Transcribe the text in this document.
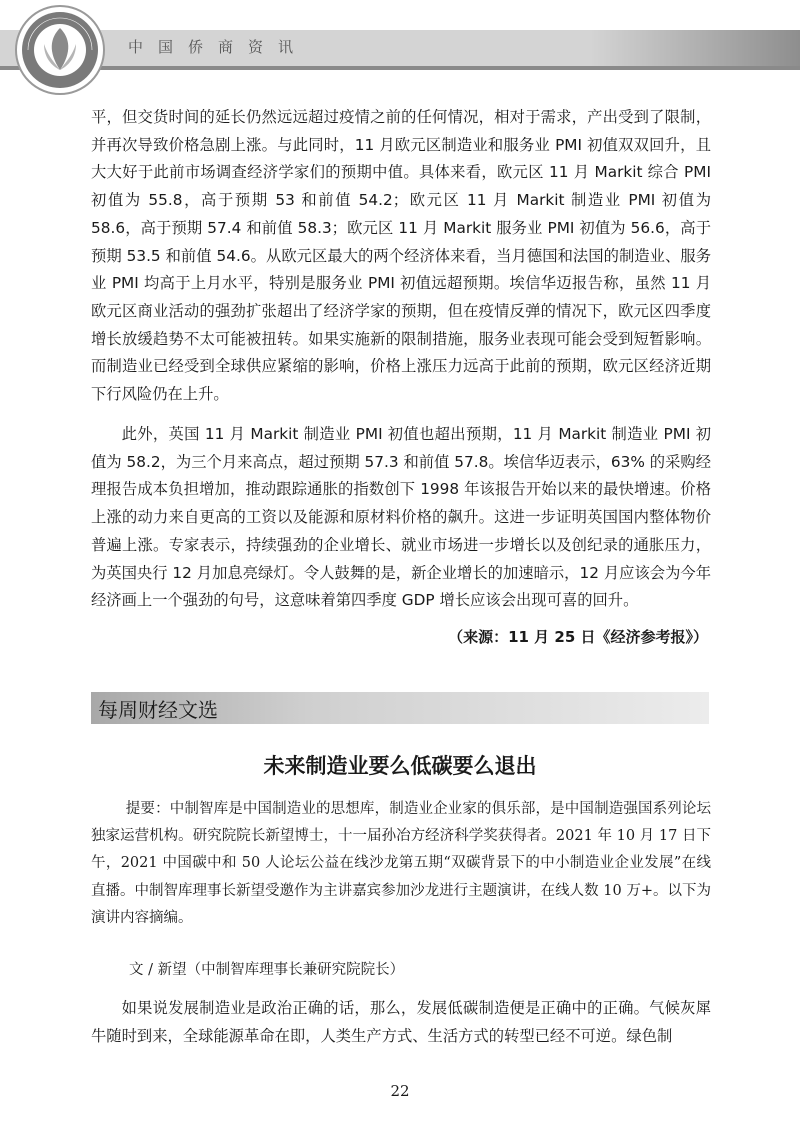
中国侨商资讯

平，但交货时间的延长仍然远远超过疫情之前的任何情况，相对于需求，产出受到了限制，并再次导致价格急剧上涨。与此同时，11 月欧元区制造业和服务业 PMI 初值双双回升，且大大好于此前市场调查经济学家们的预期中值。具体来看，欧元区 11 月 Markit 综合 PMI 初值为 55.8，高于预期 53 和前值 54.2；欧元区 11 月 Markit 制造业 PMI 初值为 58.6，高于预期 57.4 和前值 58.3；欧元区 11 月 Markit 服务业 PMI 初值为 56.6，高于预期 53.5 和前值 54.6。从欧元区最大的两个经济体来看，当月德国和法国的制造业、服务业 PMI 均高于上月水平，特别是服务业 PMI 初值远超预期。埃信华迈报告称，虽然 11 月欧元区商业活动的强劲扩张超出了经济学家的预期，但在疫情反弹的情况下，欧元区四季度增长放缓趋势不太可能被扭转。如果实施新的限制措施，服务业表现可能会受到短暂影响。而制造业已经受到全球供应紧缩的影响，价格上涨压力远高于此前的预期，欧元区经济近期下行风险仍在上升。

此外，英国 11 月 Markit 制造业 PMI 初值也超出预期，11 月 Markit 制造业 PMI 初值为 58.2，为三个月来高点，超过预期 57.3 和前值 57.8。埃信华迈表示，63% 的采购经理报告成本负担增加，推动跟踪通胀的指数创下 1998 年该报告开始以来的最快增速。价格上涨的动力来自更高的工资以及能源和原材料价格的飙升。这进一步证明英国国内整体物价普遍上涨。专家表示，持续强劲的企业增长、就业市场进一步增长以及创纪录的通胀压力，为英国央行 12 月加息亮绿灯。令人鼓舞的是，新企业增长的加速暗示，12 月应该会为今年经济画上一个强劲的句号，这意味着第四季度 GDP 增长应该会出现可喜的回升。

（来源：11 月 25 日《经济参考报》）
每周财经文选
未来制造业要么低碳要么退出

提要：中制智库是中国制造业的思想库，制造业企业家的俱乐部，是中国制造强国系列论坛独家运营机构。研究院院长新望博士，十一届孙冶方经济科学奖获得者。2021 年 10 月 17 日下午，2021 中国碳中和 50 人论坛公益在线沙龙第五期“双碳背景下的中小制造业企业发展”在线直播。中制智库理事长新望受邀作为主讲嘉宾参加沙龙进行主题演讲，在线人数 10 万+。以下为演讲内容摘编。

文 / 新望（中制智库理事长兼研究院院长）

如果说发展制造业是政治正确的话，那么，发展低碳制造便是正确中的正确。气候灰犀牛随时到来，全球能源革命在即，人类生产方式、生活方式的转型已经不可逆。绿色制

22
